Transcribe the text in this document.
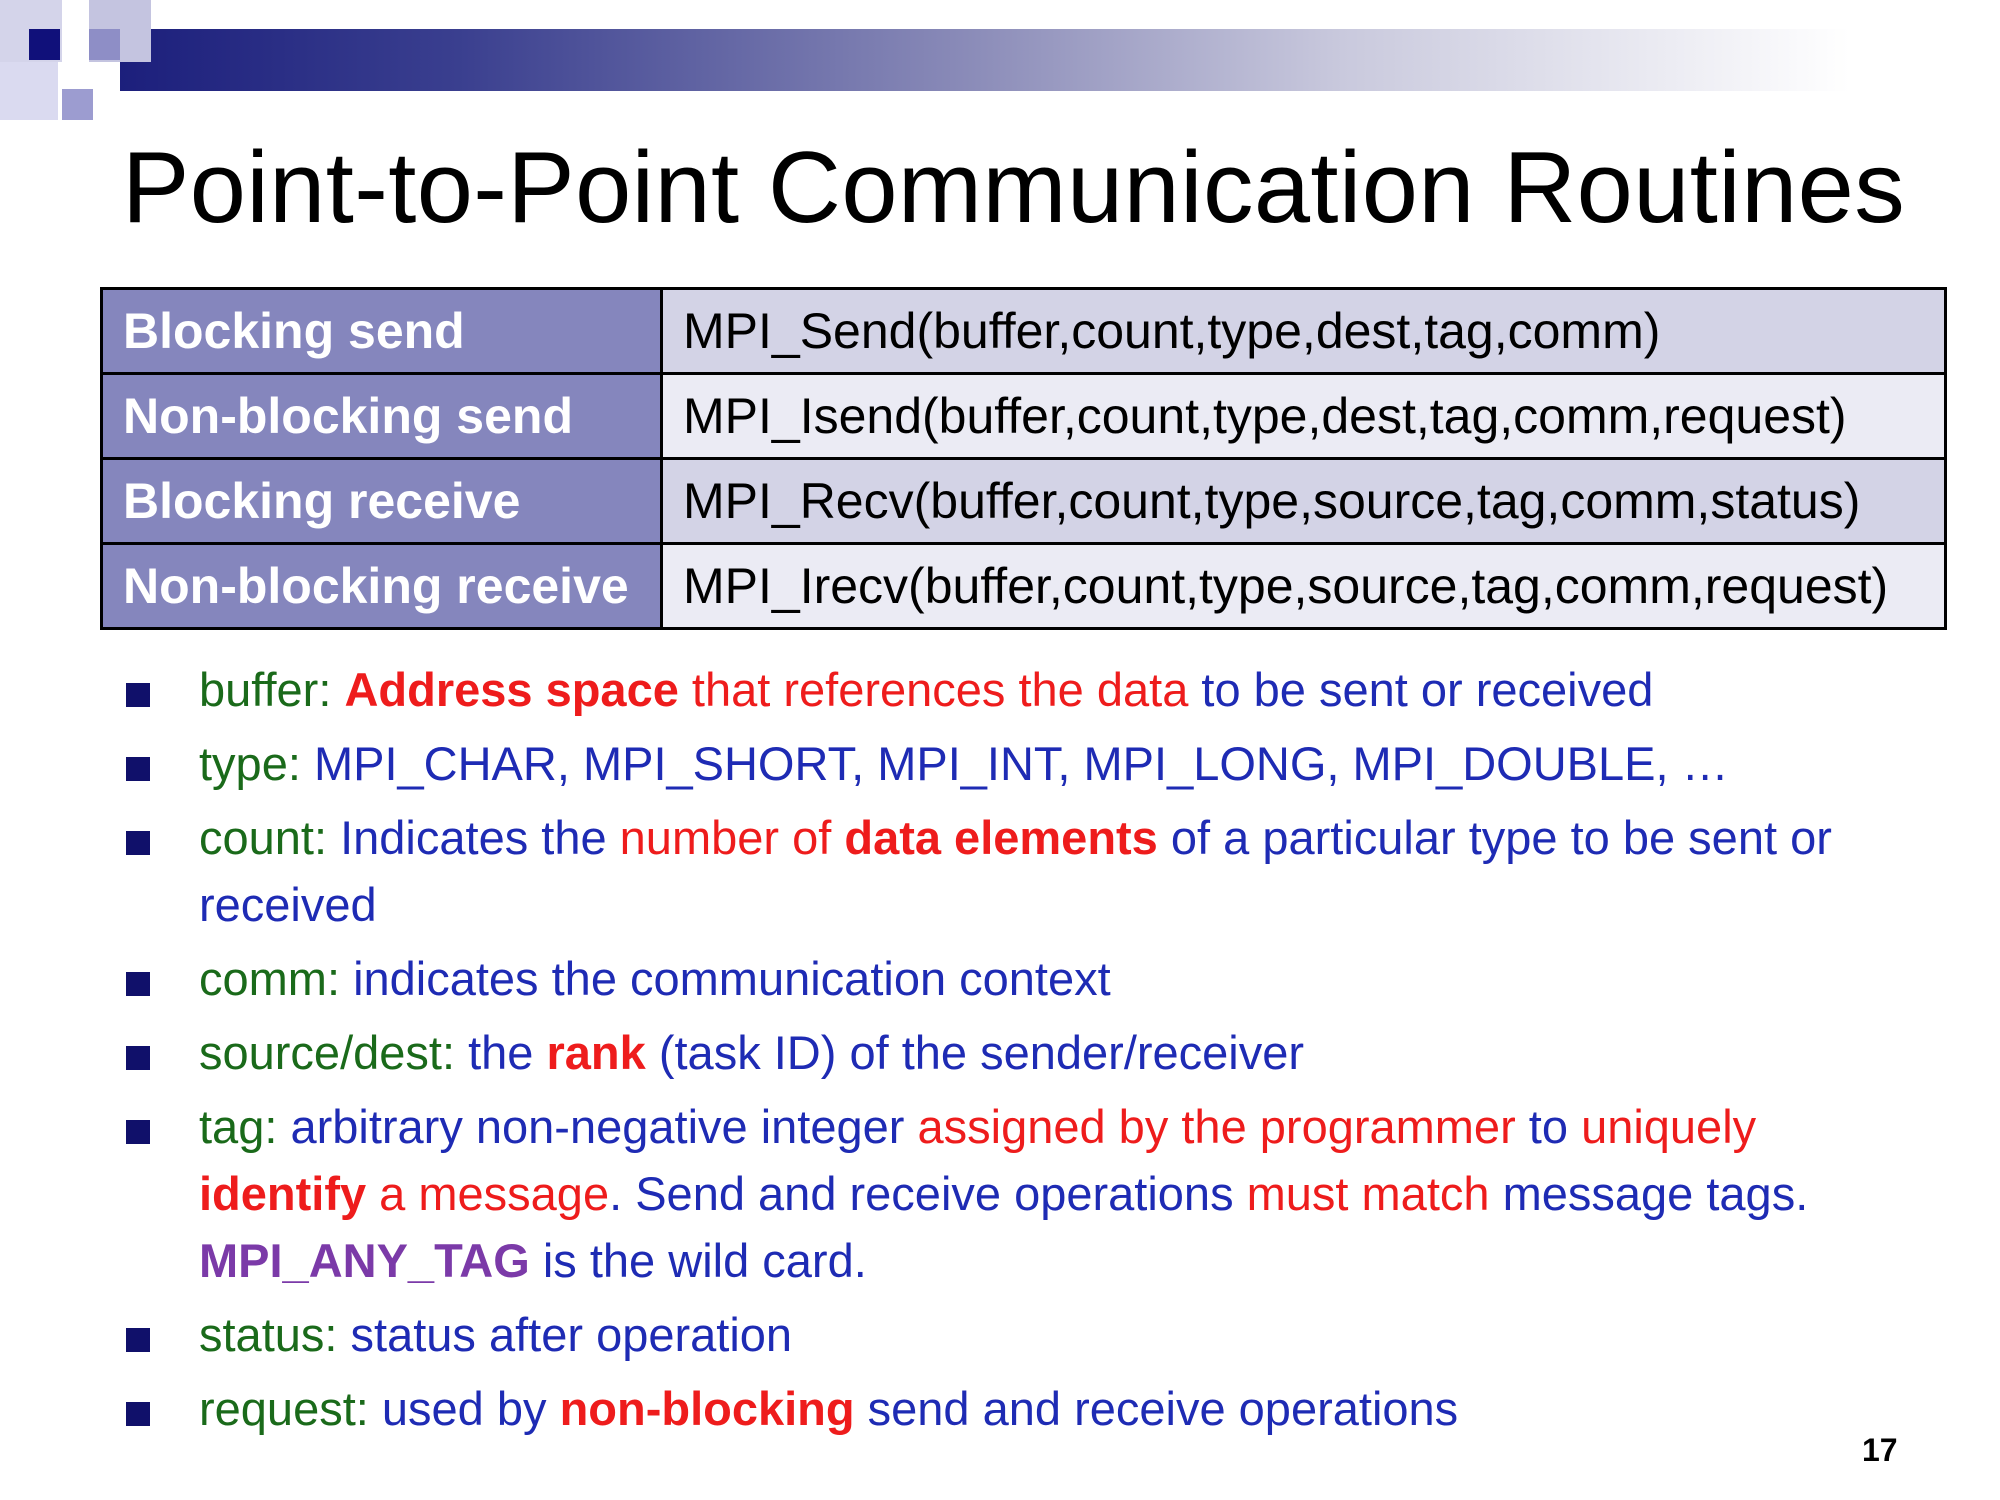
Point-to-Point Communication Routines
Blocking send	MPI_Send(buffer,count,type,dest,tag,comm)
Non-blocking send	MPI_Isend(buffer,count,type,dest,tag,comm,request)
Blocking receive	MPI_Recv(buffer,count,type,source,tag,comm,status)
Non-blocking receive	MPI_Irecv(buffer,count,type,source,tag,comm,request)
buffer: Address space that references the data to be sent or received
type: MPI_CHAR, MPI_SHORT, MPI_INT, MPI_LONG, MPI_DOUBLE, …
count: Indicates the number of data elements of a particular type to be sent or received
comm: indicates the communication context
source/dest: the rank (task ID) of the sender/receiver
tag: arbitrary non-negative integer assigned by the programmer to uniquely identify a message. Send and receive operations must match message tags. MPI_ANY_TAG is the wild card.
status: status after operation
request: used by non-blocking send and receive operations
17
